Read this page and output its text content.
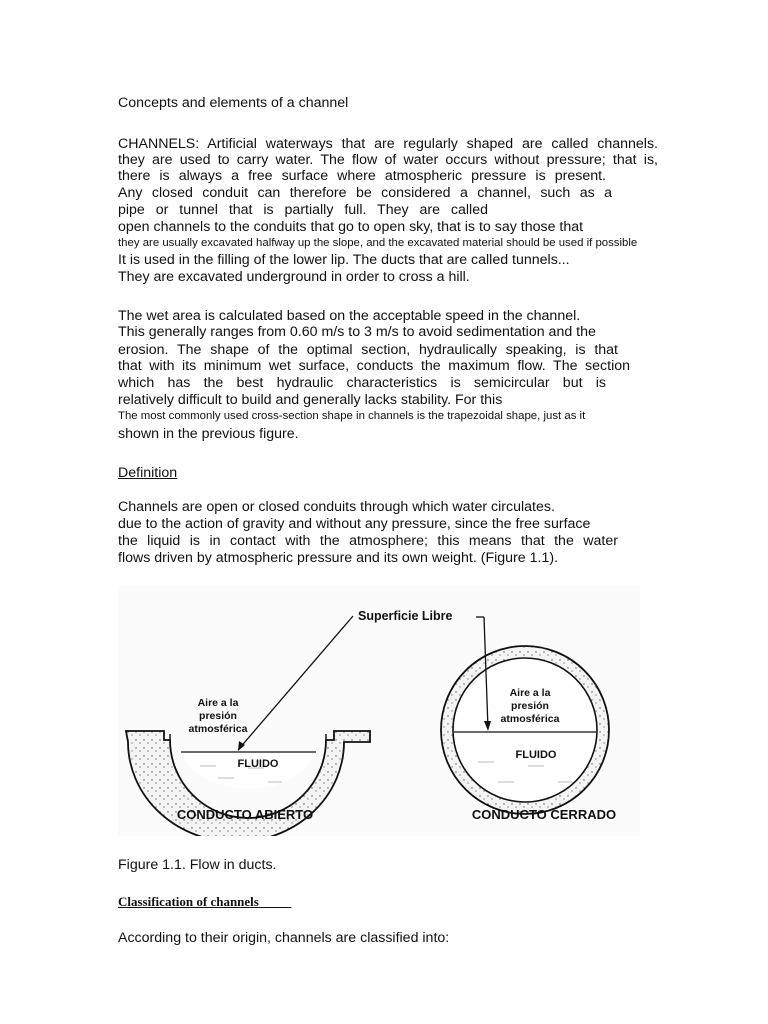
Concepts and elements of a channel
CHANNELS: Artificial waterways that are regularly shaped are called channels.
they are used to carry water. The flow of water occurs without pressure; that is,
there is always a free surface where atmospheric pressure is present.
Any closed conduit can therefore be considered a channel, such as a
pipe or tunnel that is partially full. They are called
open channels to the conduits that go to open sky, that is to say those that
they are usually excavated halfway up the slope, and the excavated material should be used if possible
It is used in the filling of the lower lip. The ducts that are called tunnels...
They are excavated underground in order to cross a hill.
The wet area is calculated based on the acceptable speed in the channel.
This generally ranges from 0.60 m/s to 3 m/s to avoid sedimentation and the
erosion. The shape of the optimal section, hydraulically speaking, is that
that with its minimum wet surface, conducts the maximum flow. The section
which has the best hydraulic characteristics is semicircular but is
relatively difficult to build and generally lacks stability. For this
The most commonly used cross-section shape in channels is the trapezoidal shape, just as it
shown in the previous figure.
Definition
Channels are open or closed conduits through which water circulates.
due to the action of gravity and without any pressure, since the free surface
the liquid is in contact with the atmosphere; this means that the water
flows driven by atmospheric pressure and its own weight. (Figure 1.1).
Superficie Libre
Aire a la
presión
atmosférica
Aire a la
presión
atmosférica
FLUIDO
FLUIDO
CONDUCTO ABIERTO	CONDUCTO CERRADO
Figure 1.1. Flow in ducts.
Classification of channels
According to their origin, channels are classified into:
